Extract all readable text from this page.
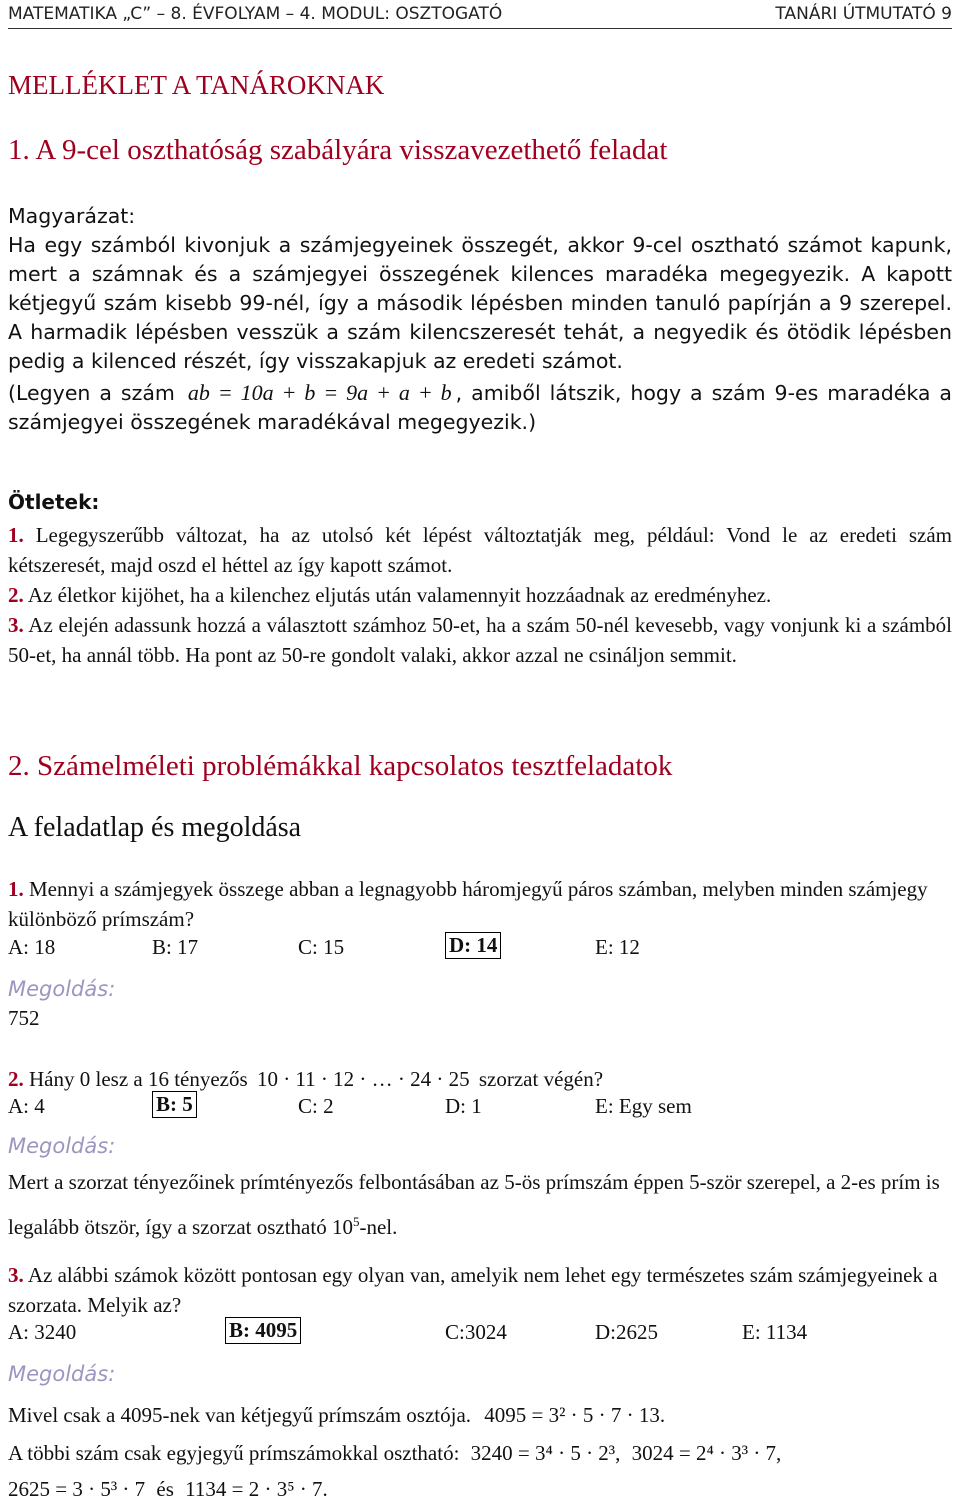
MATEMATIKA „C” – 8. ÉVFOLYAM – 4. MODUL: OSZTOGATÓ	TANÁRI ÚTMUTATÓ 9
MELLÉKLET A TANÁROKNAK
1. A 9-cel oszthatóság szabályára visszavezethető feladat
Magyarázat:
Ha egy számból kivonjuk a számjegyeinek összegét, akkor 9-cel osztható számot kapunk, mert a számnak és a számjegyei összegének kilences maradéka megegyezik. A kapott kétjegyű szám kisebb 99-nél, így a második lépésben minden tanuló papírján a 9 szerepel. A harmadik lépésben vesszük a szám kilencszeresét tehát, a negyedik és ötödik lépésben pedig a kilenced részét, így visszakapjuk az eredeti számot.
(Legyen a szám ab = 10a + b = 9a + a + b , amiből látszik, hogy a szám 9-es maradéka a számjegyei összegének maradékával megegyezik.)
Ötletek:
1. Legegyszerűbb változat, ha az utolsó két lépést változtatják meg, például: Vond le az eredeti szám kétszeresét, majd oszd el héttel az így kapott számot.
2. Az életkor kijöhet, ha a kilenchez eljutás után valamennyit hozzáadnak az eredményhez.
3. Az elején adassunk hozzá a választott számhoz 50-et, ha a szám 50-nél kevesebb, vagy vonjunk ki a számból 50-et, ha annál több. Ha pont az 50-re gondolt valaki, akkor azzal ne csináljon semmit.
2. Számelméleti problémákkal kapcsolatos tesztfeladatok
A feladatlap és megoldása
1. Mennyi a számjegyek összege abban a legnagyobb háromjegyű páros számban, melyben minden számjegy különböző prímszám?
A: 18	B: 17	C: 15	D: 14	E: 12
Megoldás:
752
2. Hány 0 lesz a 16 tényezős 10 · 11 · 12 · … · 24 · 25 szorzat végén?
A: 4	B: 5	C: 2	D: 1	E: Egy sem
Megoldás:
Mert a szorzat tényezőinek prímtényezős felbontásában az 5-ös prímszám éppen 5-ször szerepel, a 2-es prím is legalább ötször, így a szorzat osztható $10^5$-nel.
3. Az alábbi számok között pontosan egy olyan van, amelyik nem lehet egy természetes szám számjegyeinek a szorzata. Melyik az?
A: 3240	B: 4095	C:3024	D:2625	E: 1134
Megoldás:
Mivel csak a 4095-nek van kétjegyű prímszám osztója. 4095 = 3² · 5 · 7 · 13.
A többi szám csak egyjegyű prímszámokkal osztható: 3240 = 3⁴ · 5 · 2³, 3024 = 2⁴ · 3³ · 7,
2625 = 3 · 5³ · 7 és 1134 = 2 · 3⁵ · 7.
